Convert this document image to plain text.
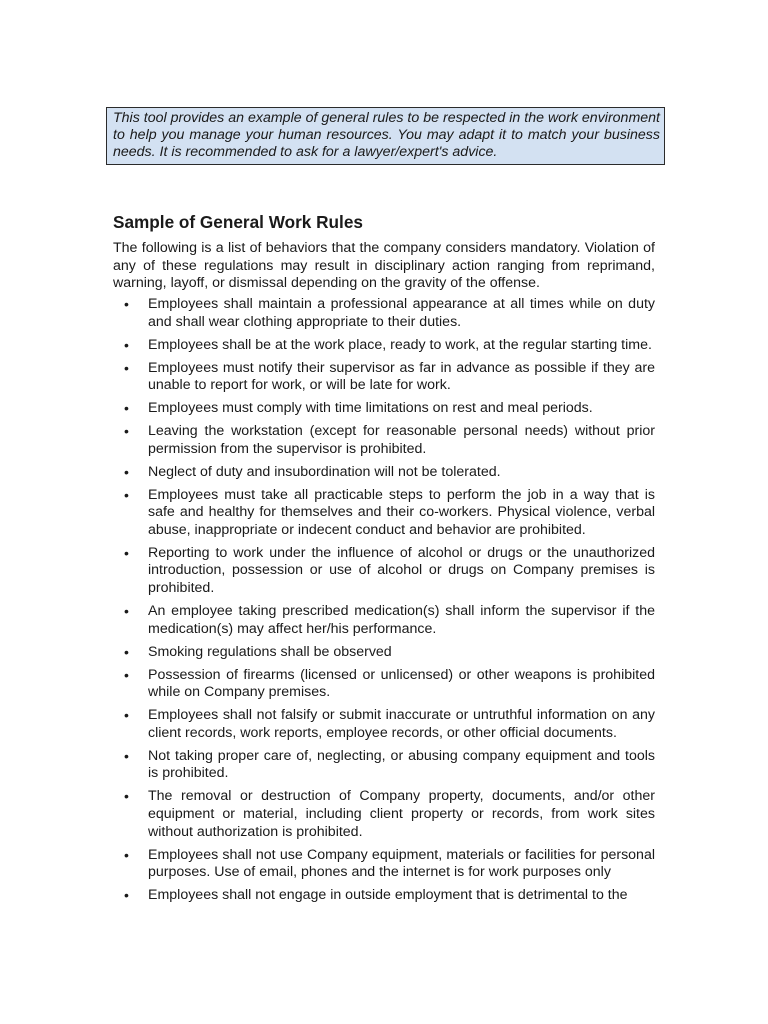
This tool provides an example of general rules to be respected in the work environment to help you manage your human resources. You may adapt it to match your business needs. It is recommended to ask for a lawyer/expert's advice.
Sample of General Work Rules

The following is a list of behaviors that the company considers mandatory. Violation of any of these regulations may result in disciplinary action ranging from reprimand, warning, layoff, or dismissal depending on the gravity of the offense.

• Employees shall maintain a professional appearance at all times while on duty and shall wear clothing appropriate to their duties.
• Employees shall be at the work place, ready to work, at the regular starting time.
• Employees must notify their supervisor as far in advance as possible if they are unable to report for work, or will be late for work.
• Employees must comply with time limitations on rest and meal periods.
• Leaving the workstation (except for reasonable personal needs) without prior permission from the supervisor is prohibited.
• Neglect of duty and insubordination will not be tolerated.
• Employees must take all practicable steps to perform the job in a way that is safe and healthy for themselves and their co-workers. Physical violence, verbal abuse, inappropriate or indecent conduct and behavior are prohibited.
• Reporting to work under the influence of alcohol or drugs or the unauthorized introduction, possession or use of alcohol or drugs on Company premises is prohibited.
• An employee taking prescribed medication(s) shall inform the supervisor if the medication(s) may affect her/his performance.
• Smoking regulations shall be observed
• Possession of firearms (licensed or unlicensed) or other weapons is prohibited while on Company premises.
• Employees shall not falsify or submit inaccurate or untruthful information on any client records, work reports, employee records, or other official documents.
• Not taking proper care of, neglecting, or abusing company equipment and tools is prohibited.
• The removal or destruction of Company property, documents, and/or other equipment or material, including client property or records, from work sites without authorization is prohibited.
• Employees shall not use Company equipment, materials or facilities for personal purposes. Use of email, phones and the internet is for work purposes only
• Employees shall not engage in outside employment that is detrimental to the
